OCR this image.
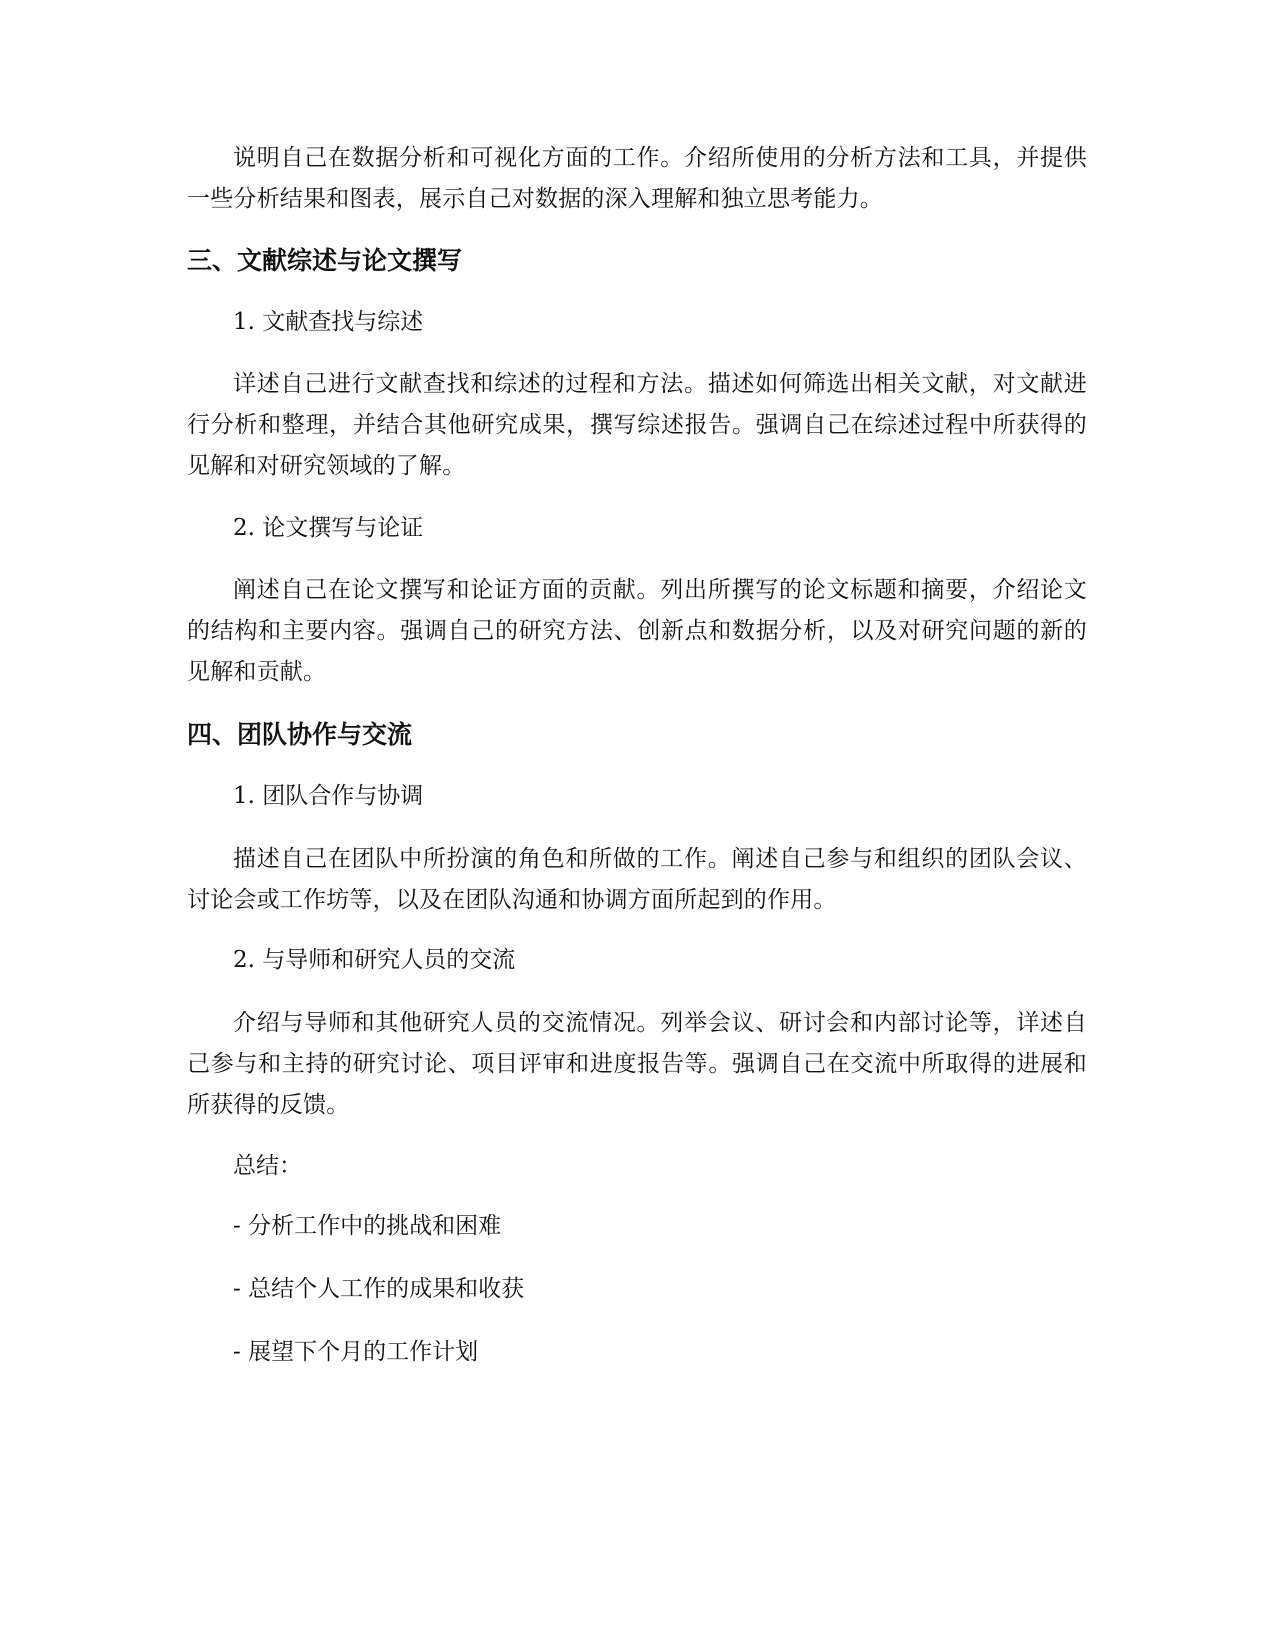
说明自己在数据分析和可视化方面的工作。介绍所使用的分析方法和工具，并提供一些分析结果和图表，展示自己对数据的深入理解和独立思考能力。

三、文献综述与论文撰写

1. 文献查找与综述

详述自己进行文献查找和综述的过程和方法。描述如何筛选出相关文献，对文献进行分析和整理，并结合其他研究成果，撰写综述报告。强调自己在综述过程中所获得的见解和对研究领域的了解。

2. 论文撰写与论证

阐述自己在论文撰写和论证方面的贡献。列出所撰写的论文标题和摘要，介绍论文的结构和主要内容。强调自己的研究方法、创新点和数据分析，以及对研究问题的新的见解和贡献。

四、团队协作与交流

1. 团队合作与协调

描述自己在团队中所扮演的角色和所做的工作。阐述自己参与和组织的团队会议、讨论会或工作坊等，以及在团队沟通和协调方面所起到的作用。

2. 与导师和研究人员的交流

介绍与导师和其他研究人员的交流情况。列举会议、研讨会和内部讨论等，详述自己参与和主持的研究讨论、项目评审和进度报告等。强调自己在交流中所取得的进展和所获得的反馈。

总结：

- 分析工作中的挑战和困难

- 总结个人工作的成果和收获

- 展望下个月的工作计划
